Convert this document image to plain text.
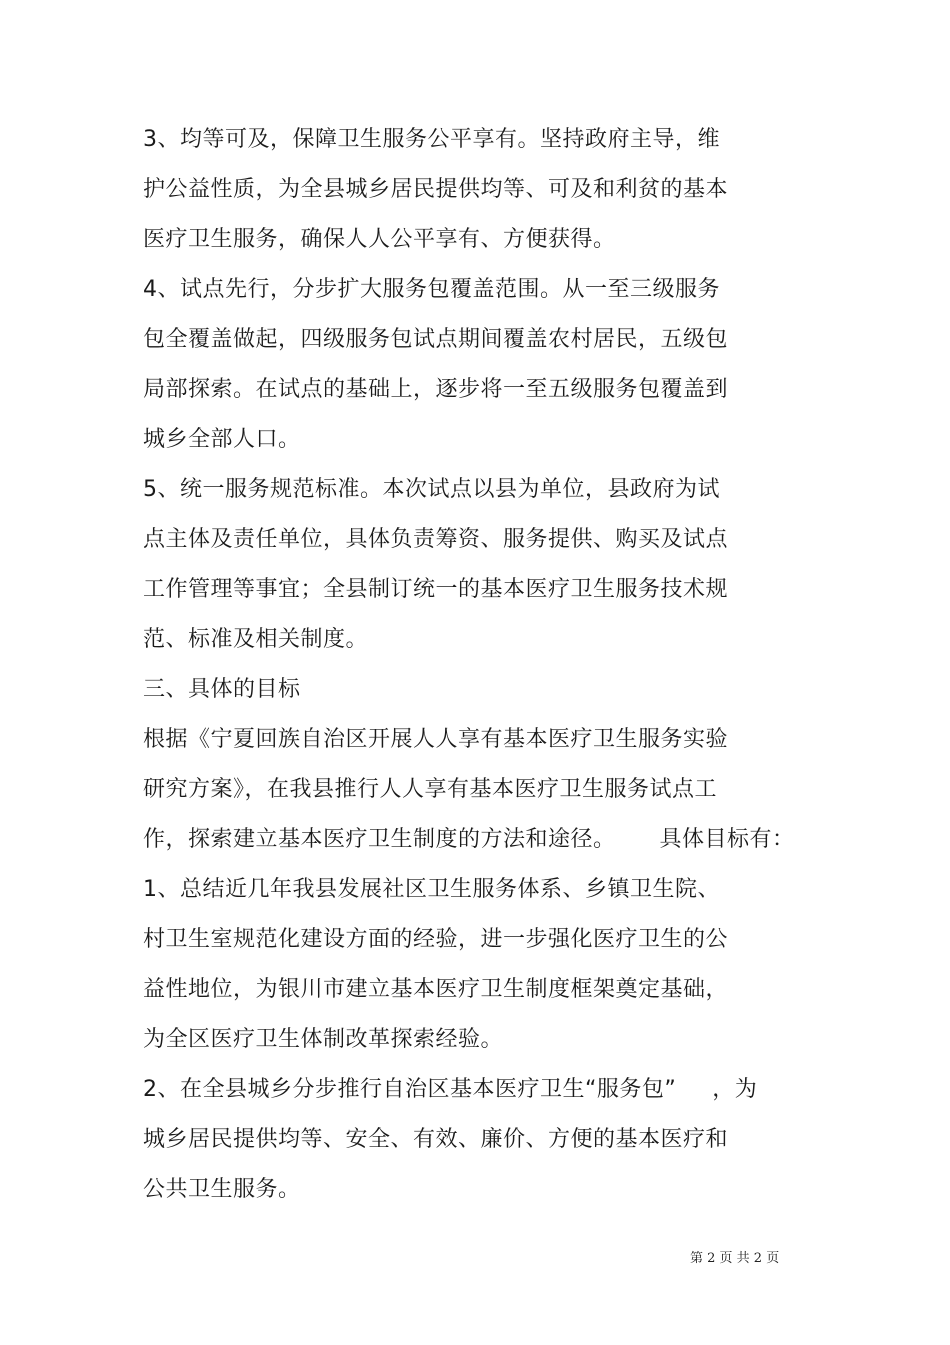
3、均等可及，保障卫生服务公平享有。坚持政府主导，维
护公益性质，为全县城乡居民提供均等、可及和利贫的基本
医疗卫生服务，确保人人公平享有、方便获得。
4、试点先行，分步扩大服务包覆盖范围。从一至三级服务
包全覆盖做起，四级服务包试点期间覆盖农村居民，五级包
局部探索。在试点的基础上，逐步将一至五级服务包覆盖到
城乡全部人口。
5、统一服务规范标准。本次试点以县为单位，县政府为试
点主体及责任单位，具体负责筹资、服务提供、购买及试点
工作管理等事宜；全县制订统一的基本医疗卫生服务技术规
范、标准及相关制度。
三、具体的目标
根据《宁夏回族自治区开展人人享有基本医疗卫生服务实验
研究方案》，在我县推行人人享有基本医疗卫生服务试点工
作，探索建立基本医疗卫生制度的方法和途径。 具体目标有：
1、总结近几年我县发展社区卫生服务体系、乡镇卫生院、
村卫生室规范化建设方面的经验，进一步强化医疗卫生的公
益性地位，为银川市建立基本医疗卫生制度框架奠定基础，
为全区医疗卫生体制改革探索经验。
2、在全县城乡分步推行自治区基本医疗卫生“服务包” ，为
城乡居民提供均等、安全、有效、廉价、方便的基本医疗和
公共卫生服务。
第 2 页 共 2 页
